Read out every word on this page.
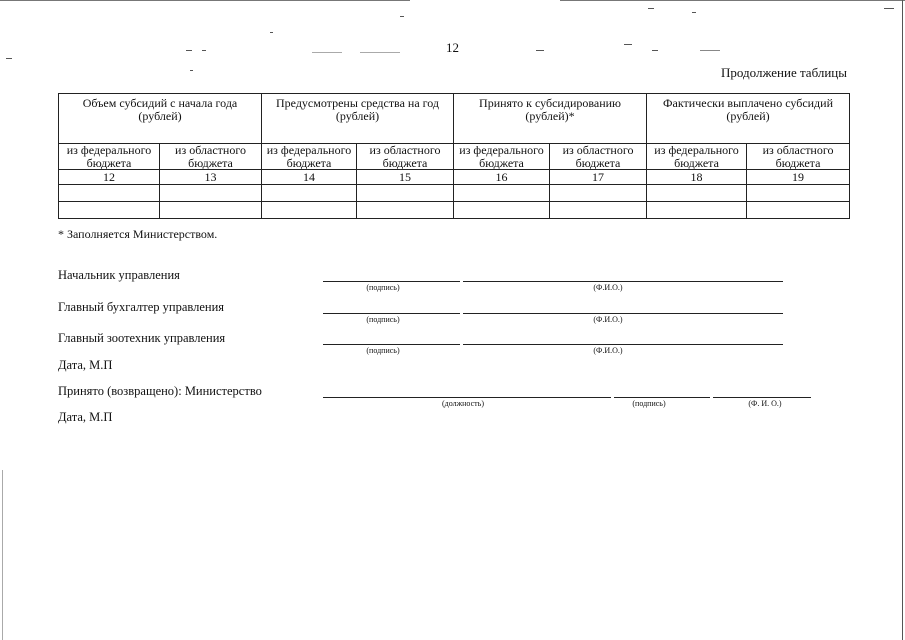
12
Продолжение таблицы
Объем субсидий с начала года (рублей)		Предусмотрены средства на год (рублей)		Принято к субсидированию (рублей)*		Фактически выплачено субсидий (рублей)	
из федерального бюджета	из областного бюджета	из федерального бюджета	из областного бюджета	из федерального бюджета	из областного бюджета	из федерального бюджета	из областного бюджета
12	13	14	15	16	17	18	19

* Заполняется Министерством.
Начальник управления
(подпись)	(Ф.И.О.)
Главный бухгалтер управления
(подпись)	(Ф.И.О.)
Главный зоотехник управления
(подпись)	(Ф.И.О.)
Дата, М.П
Принято (возвращено): Министерство
(должность)	(подпись)	(Ф. И. О.)
Дата, М.П
